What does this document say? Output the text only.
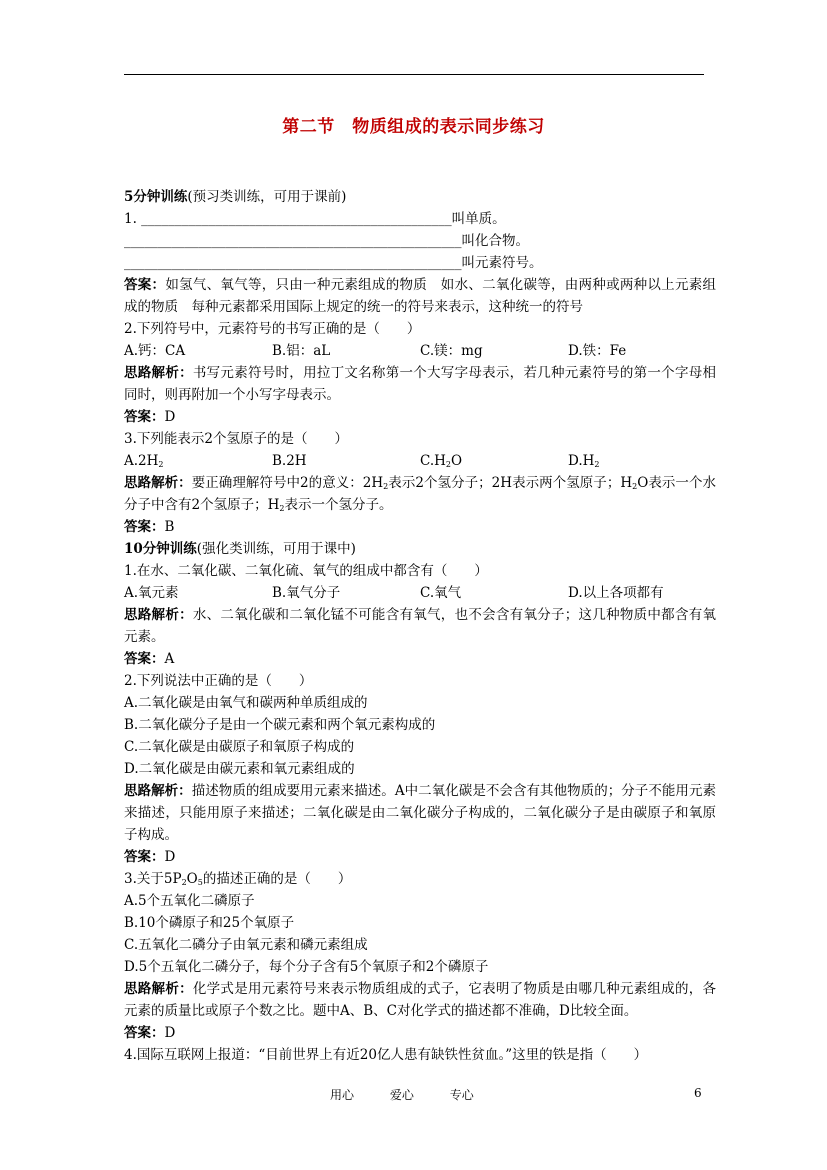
第二节　物质组成的表示同步练习
5分钟训练(预习类训练，可用于课前)
1. ______________________________________________叫单质。
__________________________________________________叫化合物。
__________________________________________________叫元素符号。
答案：如氢气、氧气等，只由一种元素组成的物质　如水、二氧化碳等，由两种或两种以上元素组成的物质　每种元素都采用国际上规定的统一的符号来表示，这种统一的符号
2.下列符号中，元素符号的书写正确的是（　　）
A.钙：CA	B.铝：aL	C.镁：mg	D.铁：Fe
思路解析：书写元素符号时，用拉丁文名称第一个大写字母表示，若几种元素符号的第一个字母相同时，则再附加一个小写字母表示。
答案：D
3.下列能表示2个氢原子的是（　　）
$A.2H_2$	B.2H	$C.H_2O$	$D.H_2$
思路解析：要正确理解符号中2的意义：$2H_2$表示2个氢分子；2H表示两个氢原子；$H_2O$表示一个水分子中含有2个氢原子；$H_2$表示一个氢分子。
答案：B
10分钟训练(强化类训练，可用于课中)
1.在水、二氧化碳、二氧化硫、氧气的组成中都含有（　　）
A.氧元素	B.氧气分子	C.氧气	D.以上各项都有
思路解析：水、二氧化碳和二氧化锰不可能含有氧气，也不会含有氧分子；这几种物质中都含有氧元素。
答案：A
2.下列说法中正确的是（　　）
A.二氧化碳是由氧气和碳两种单质组成的
B.二氧化碳分子是由一个碳元素和两个氧元素构成的
C.二氧化碳是由碳原子和氧原子构成的
D.二氧化碳是由碳元素和氧元素组成的
思路解析：描述物质的组成要用元素来描述。A中二氧化碳是不会含有其他物质的；分子不能用元素来描述，只能用原子来描述；二氧化碳是由二氧化碳分子构成的，二氧化碳分子是由碳原子和氧原子构成。
答案：D
3.关于$5P_2O_5$的描述正确的是（　　）
A.5个五氧化二磷原子
B.10个磷原子和25个氧原子
C.五氧化二磷分子由氧元素和磷元素组成
D.5个五氧化二磷分子，每个分子含有5个氧原子和2个磷原子
思路解析：化学式是用元素符号来表示物质组成的式子，它表明了物质是由哪几种元素组成的，各元素的质量比或原子个数之比。题中A、B、C对化学式的描述都不准确，D比较全面。
答案：D
4.国际互联网上报道：“目前世界上有近20亿人患有缺铁性贫血。”这里的铁是指（　　）
用心	爱心	专心	6
